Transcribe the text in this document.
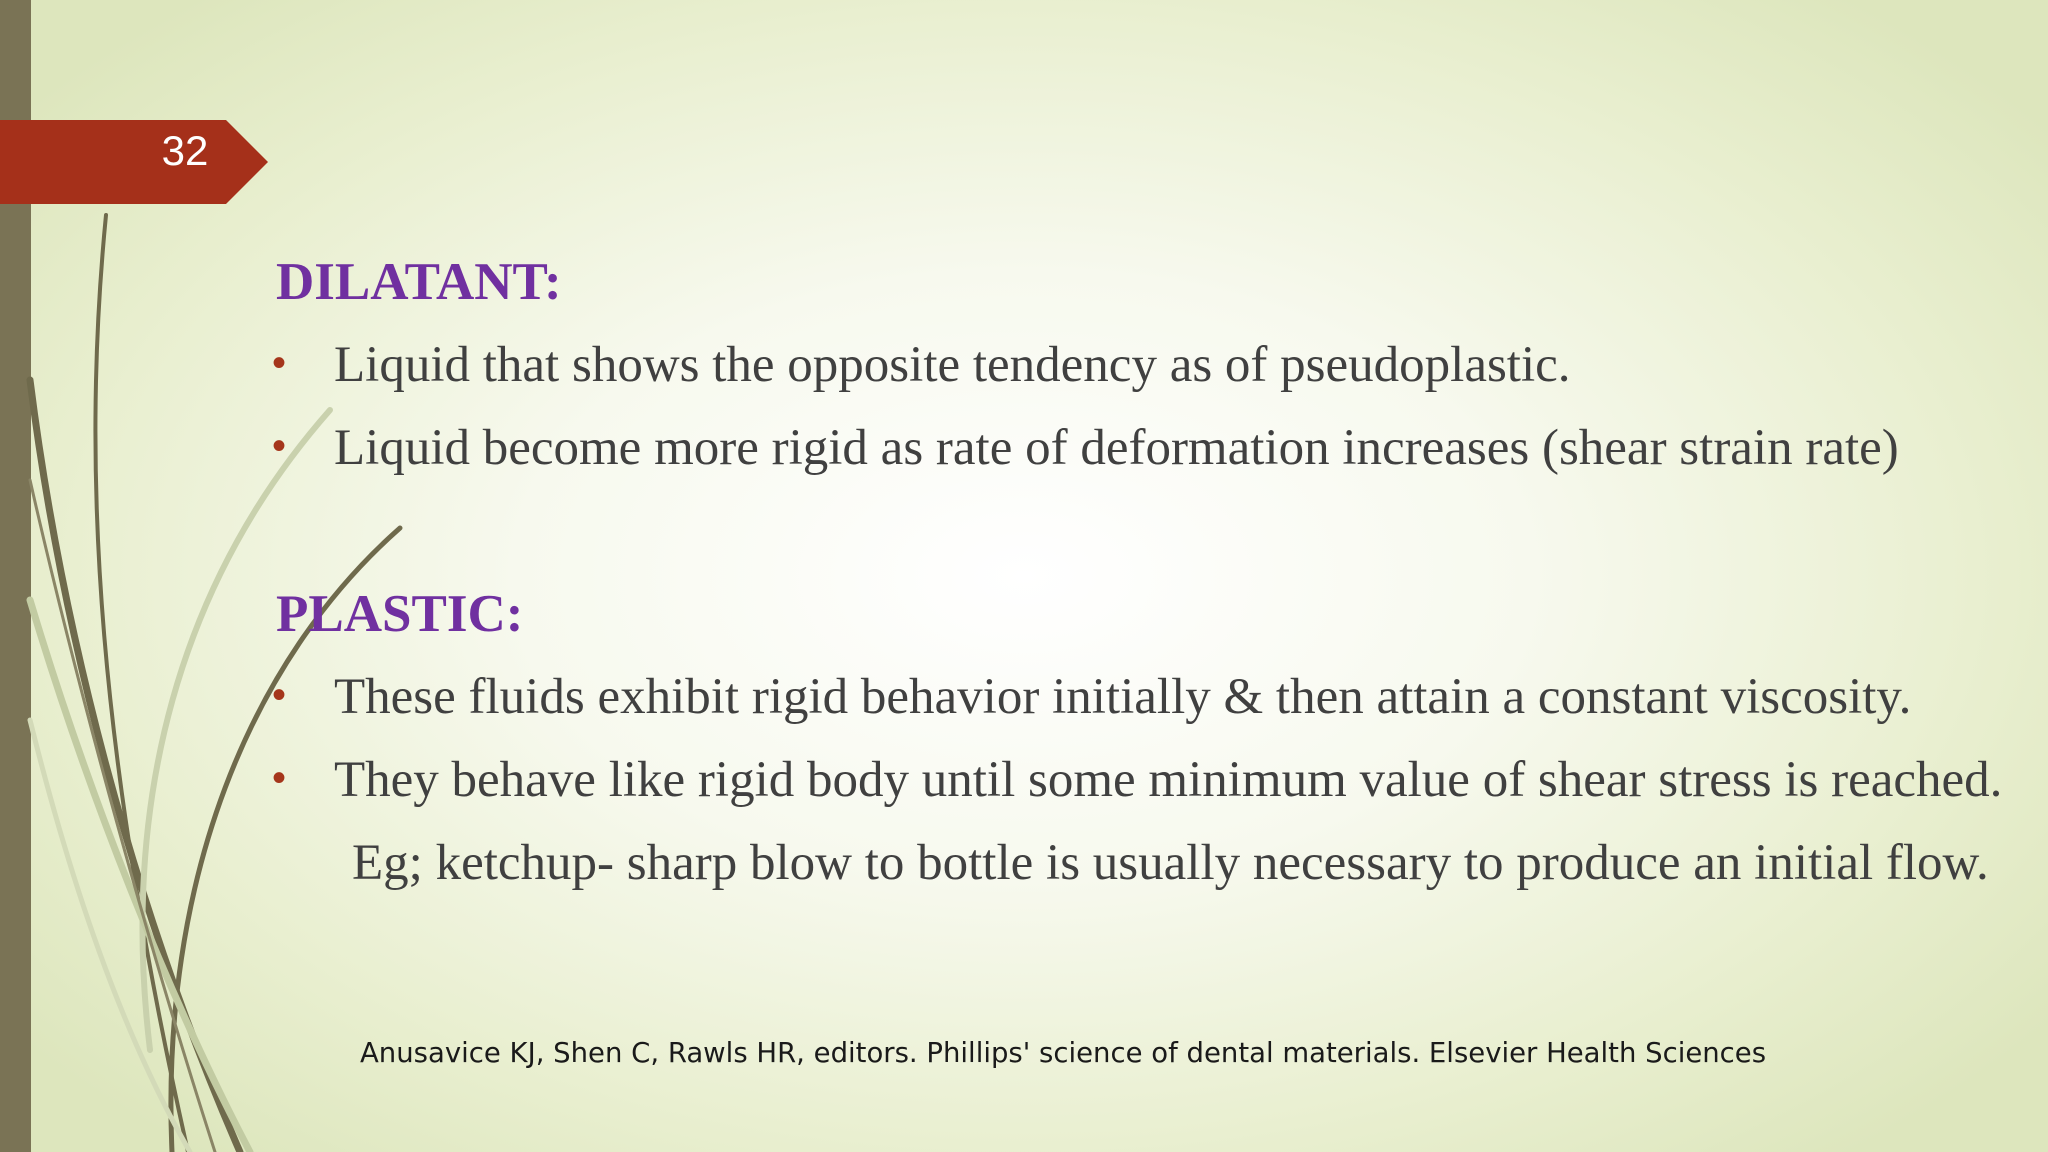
32
DILATANT:
• Liquid that shows the opposite tendency as of pseudoplastic.
• Liquid become more rigid as rate of deformation increases (shear strain rate)
PLASTIC:
• These fluids exhibit rigid behavior initially & then attain a constant viscosity.
• They behave like rigid body until some minimum value of shear stress is reached.
Eg; ketchup- sharp blow to bottle is usually necessary to produce an initial flow.
Anusavice KJ, Shen C, Rawls HR, editors. Phillips' science of dental materials. Elsevier Health Sciences
